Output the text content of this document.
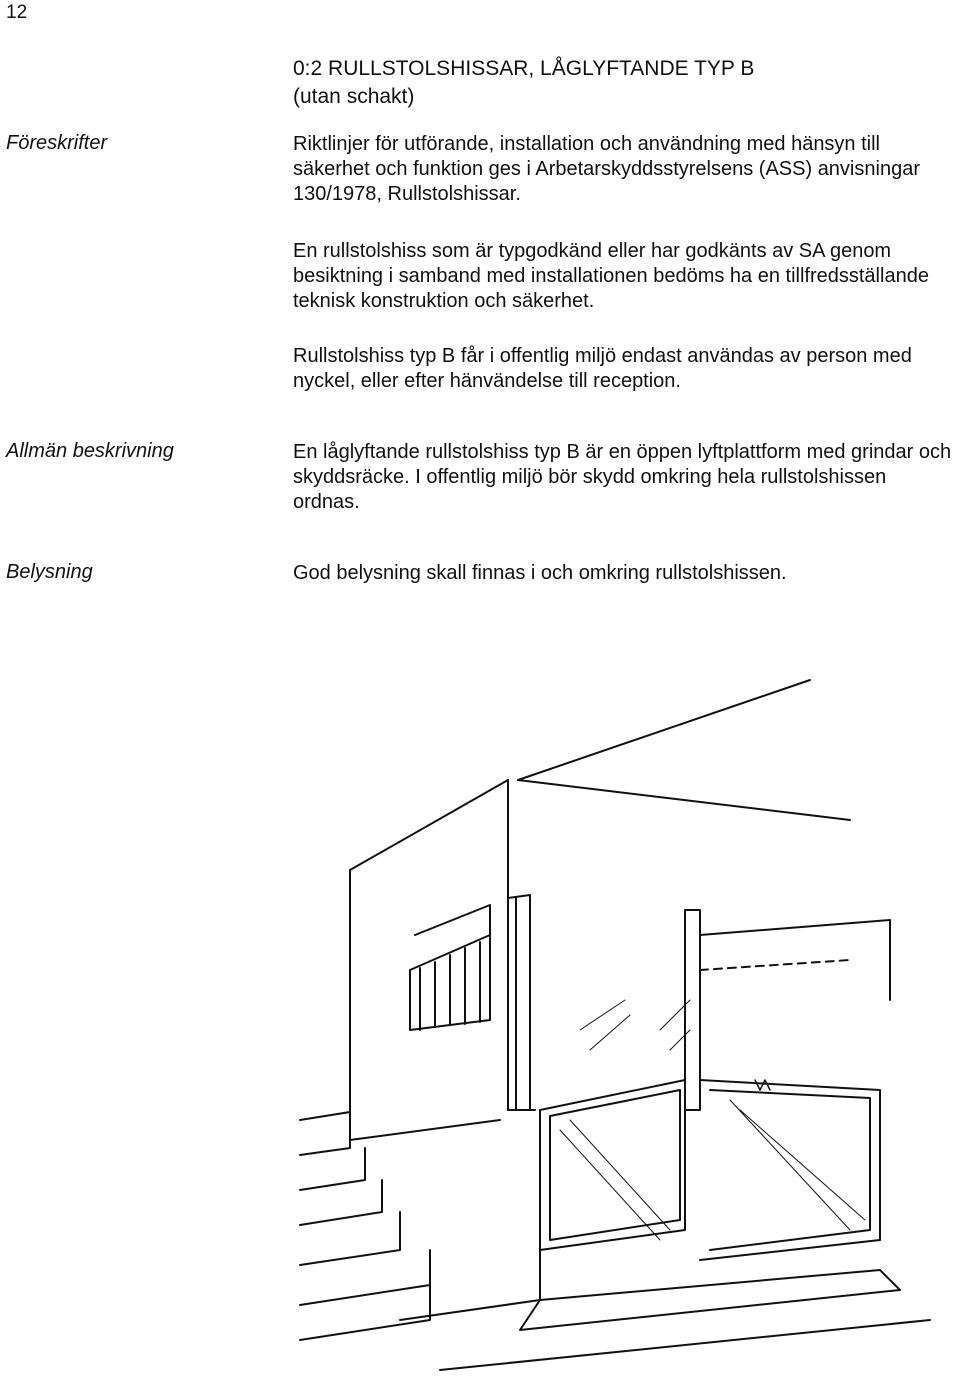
12
0:2 RULLSTOLSHISSAR, LÅGLYFTANDE TYP B
(utan schakt)
Föreskrifter	Riktlinjer för utförande, installation och användning med hänsyn till säkerhet och funktion ges i Arbetarskyddsstyrelsens (ASS) anvisningar 130/1978, Rullstolshissar.

En rullstolshiss som är typgodkänd eller har godkänts av SA genom besiktning i samband med installationen bedöms ha en tillfredsställande teknisk konstruktion och säkerhet.

Rullstolshiss typ B får i offentlig miljö endast användas av person med nyckel, eller efter hänvändelse till reception.

Allmän beskrivning	En låglyftande rullstolshiss typ B är en öppen lyftplattform med grindar och skyddsräcke. I offentlig miljö bör skydd omkring hela rullstolshissen ordnas.

Belysning	God belysning skall finnas i och omkring rullstolshissen.
